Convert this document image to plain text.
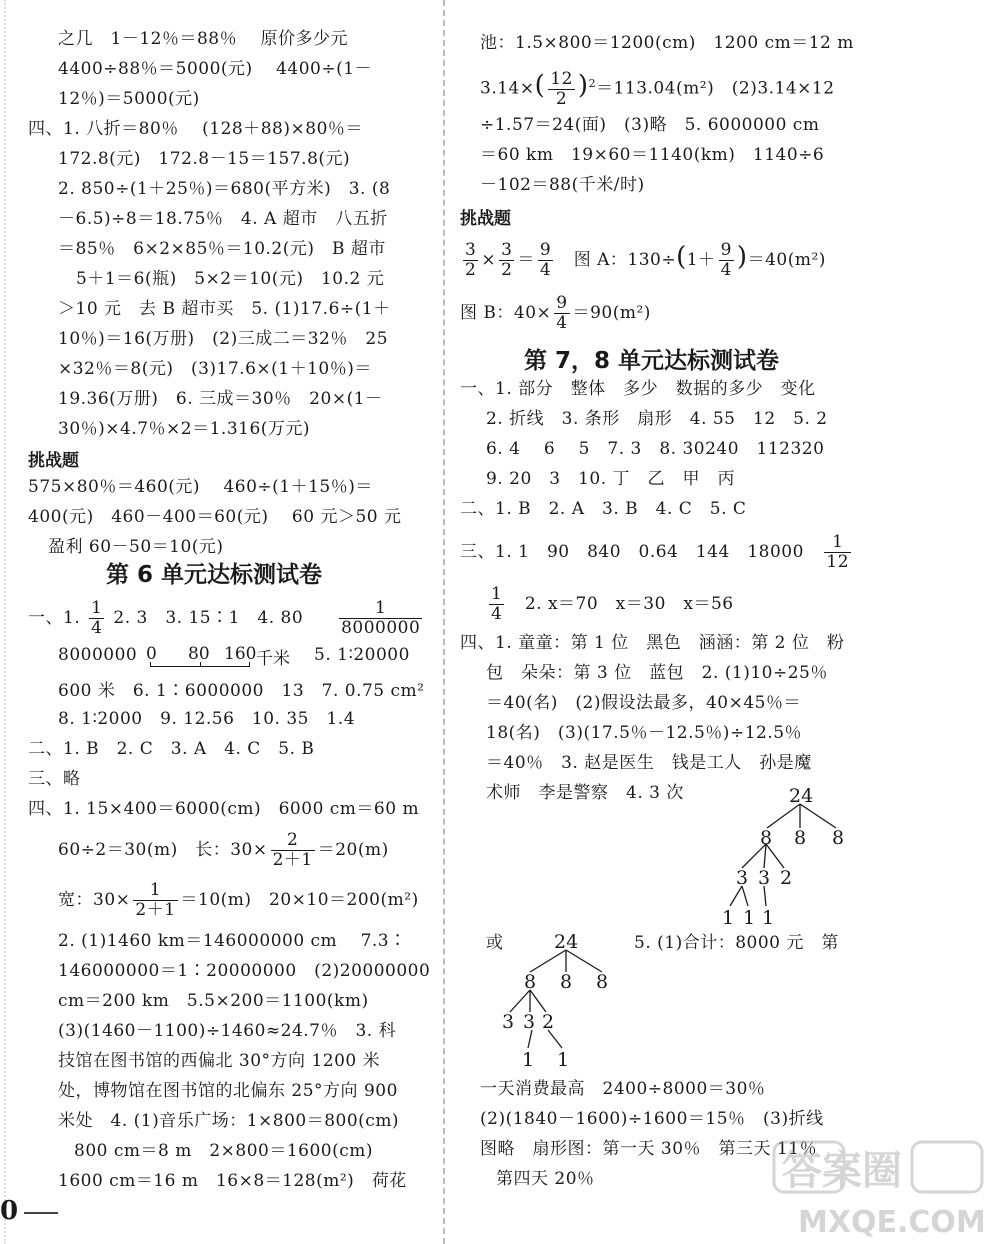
之几　1－12％＝88％　 原价多少元
4400÷88％＝5000(元)　 4400÷(1－
12％)＝5000(元)
四、1. 八折＝80％　 (128＋88)×80％＝
172.8(元)　172.8－15＝157.8(元)
2. 850÷(1＋25％)＝680(平方米)　3. (8
－6.5)÷8＝18.75％　4. A 超市　八五折
＝85％　6×2×85％＝10.2(元)　B 超市
5＋1＝6(瓶)　5×2＝10(元)　10.2 元
＞10 元　去 B 超市买　5. (1)17.6÷(1＋
10％)＝16(万册)　(2)三成二＝32％　25
×32％＝8(元)　(3)17.6×(1＋10％)＝
19.36(万册)　6. 三成＝30％　20×(1－
30％)×4.7％×2＝1.316(万元)
挑战题
575×80％＝460(元)　 460÷(1＋15％)＝
400(元)　460－400＝60(元)　 60 元＞50 元
盈利 60－50＝10(元)
第 6 单元达标测试卷
一、1. $\frac{1}{4} 2$. 3　3. 15∶1　4. $80 \frac{1}{8000000}$
8000000 0 80 160 千米 5. 1∶20000
600 米　6. 1∶6000000　13　7. 0.75 cm²
8. 1∶2000　9. 12.56　10. 35　1.4
二、1. B　2. C　3. A　4. C　5. B
三、略
四、1. 15×400＝6000(cm)　6000 cm＝60 m
60÷2＝30(m)　长：$30\times \frac{2}{2+1} =20(m)$
宽：$30\times \frac{1}{2+1} =10(m)$　20×10＝200(m²)
2. (1)1460 km＝146000000 cm　 7.3∶
146000000＝1∶20000000　(2)20000000
cm＝200 km　5.5×200＝1100(km)
(3)(1460－1100)÷1460≈24.7％　3. 科
技馆在图书馆的西偏北 30°方向 1200 米
处，博物馆在图书馆的北偏东 25°方向 900
米处　4. (1)音乐广场：1×800＝800(cm)
800 cm＝8 m　2×800＝1600(cm)
1600 cm＝16 m　16×8＝128(m²)　荷花
0
池：1.5×800＝1200(cm)　1200 cm＝12 m
$3.14\times( \frac{12}{2} )^2=113.04(m^2)$　(2)3.14×12
÷1.57＝24(面)　(3)略　5. 6000000 cm
＝60 km　19×60＝1140(km)　1140÷6
－102＝88(千米/时)
挑战题
$\frac{3}{2} \times \frac{3}{2} = \frac{9}{4}$
　 图 A：$130\div(1+ \frac{9}{4} )=40(m^2)$
图 B：$40\times \frac{9}{4} =90(m^2)$
第 7，8 单元达标测试卷
一、1. 部分　整体　多少　数据的多少　变化
2. 折线　3. 条形　扇形　4. 55　12　5. 2
6. 4　 6　 5　7. 3　8. 30240　112320
9. 20　3　10. 丁　乙　甲　丙
二、1. B　2. A　3. B　4. C　5. C
三、1. 1　90　840　0.64　144　18000　 $\frac{1}{12}$
$\frac{1}{4}$
　 2. x＝70　x＝30　x＝56
四、1. 童童：第 1 位　黑色　涵涵：第 2 位　粉
包　朵朵：第 3 位　蓝包　2. (1)10÷25％
＝40(名)　(2)假设法最多，40×45％＝
18(名)　(3)(17.5％－12.5％)÷12.5％
＝40％　3. 赵是医生　钱是工人　孙是魔
术师　李是警察　4. 3 次	24
8 8 8
3 3 2
1 1 1
或	24
8 8 8
3 3 2
1 1
5. (1)合计：8000 元　第
一天消费最高　2400÷8000＝30％
(2)(1840－1600)÷1600＝15％　(3)折线
图略　扇形图：第一天 30％　第三天 11％
第四天 20％	答案圈
MXQE.COM
